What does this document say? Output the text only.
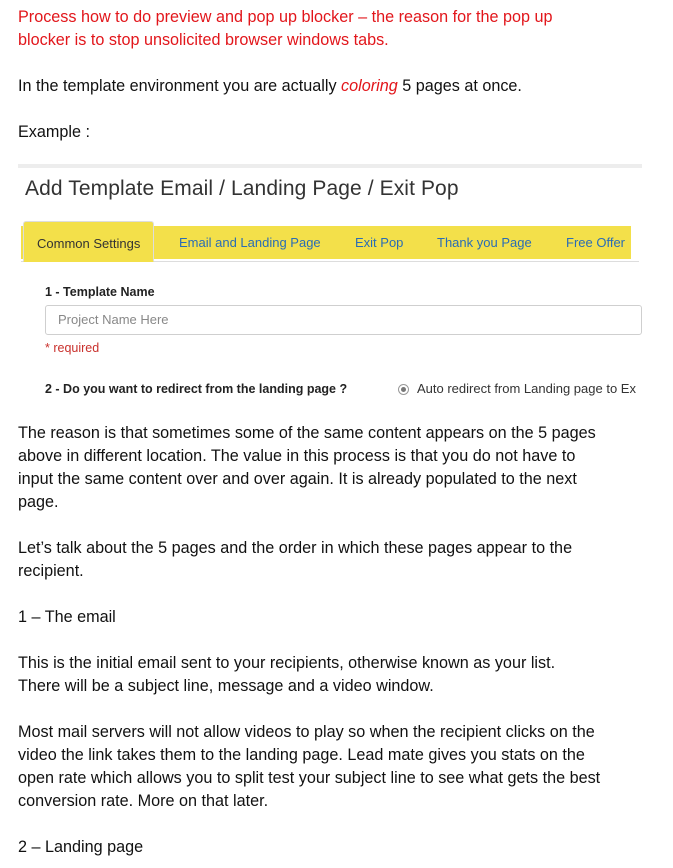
Process how to do preview and pop up blocker – the reason for the pop up

blocker is to stop unsolicited browser windows tabs.

In the template environment you are actually coloring 5 pages at once.

Example :

Add Template Email / Landing Page / Exit Pop
Common Settings	Email and Landing Page	Exit Pop	Thank you Page	Free Offer
1 - Template Name
Project Name Here
* required
2 - Do you want to redirect from the landing page ?	Auto redirect from Landing page to Ex

The reason is that sometimes some of the same content appears on the 5 pages

above in different location. The value in this process is that you do not have to

input the same content over and over again. It is already populated to the next

page.

Let’s talk about the 5 pages and the order in which these pages appear to the

recipient.

1 – The email

This is the initial email sent to your recipients, otherwise known as your list.

There will be a subject line, message and a video window.

Most mail servers will not allow videos to play so when the recipient clicks on the

video the link takes them to the landing page. Lead mate gives you stats on the

open rate which allows you to split test your subject line to see what gets the best

conversion rate. More on that later.

2 – Landing page
